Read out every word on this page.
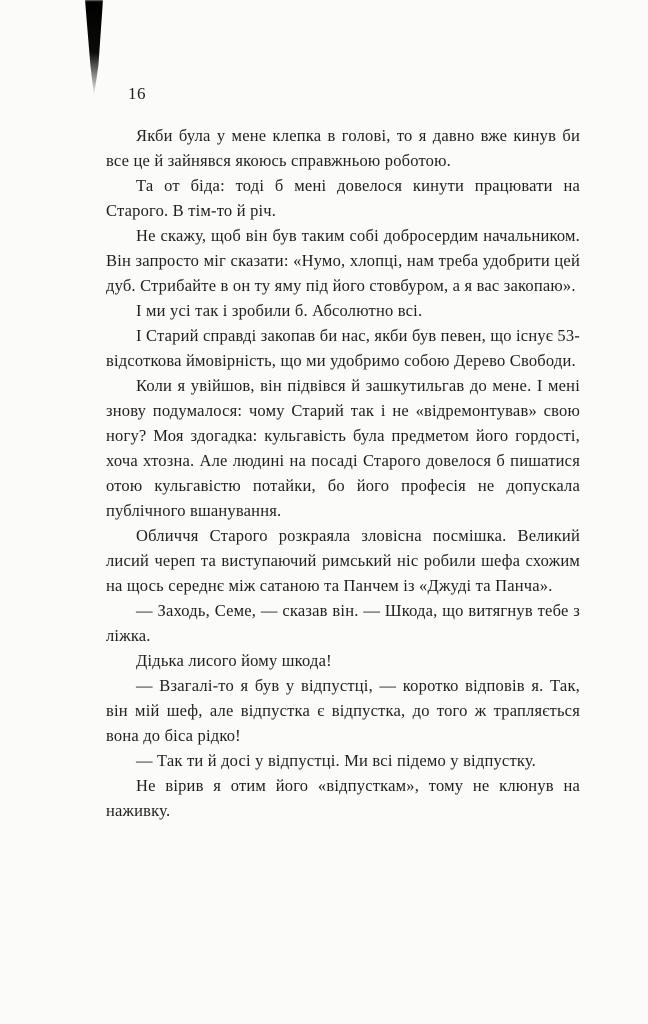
16

Якби була у мене клепка в голові, то я давно вже кинув би все це й зайнявся якоюсь справжньою роботою.

Та от біда: тоді б мені довелося кинути працювати на Старого. В тім-то й річ.

Не скажу, щоб він був таким собі добросердим начальником. Він запросто міг сказати: «Нумо, хлопці, нам треба удобрити цей дуб. Стрибайте в он ту яму під його стовбуром, а я вас закопаю».

І ми усі так і зробили б. Абсолютно всі.

І Старий справді закопав би нас, якби був певен, що існує 53-відсоткова ймовірність, що ми удобримо собою Дерево Свободи.

Коли я увійшов, він підвівся й зашкутильгав до мене. І мені знову подумалося: чому Старий так і не «відремонтував» свою ногу? Моя здогадка: кульгавість була предметом його гордості, хоча хтозна. Але людині на посаді Старого довелося б пишатися отою кульгавістю потайки, бо його професія не допускала публічного вшанування.

Обличчя Старого розкраяла зловісна посмішка. Великий лисий череп та виступаючий римський ніс робили шефа схожим на щось середнє між сатаною та Панчем із «Джуді та Панча».

— Заходь, Семе, — сказав він. — Шкода, що витягнув тебе з ліжка.

Дідька лисого йому шкода!

— Взагалі-то я був у відпустці, — коротко відповів я. Так, він мій шеф, але відпустка є відпустка, до того ж трапляється вона до біса рідко!

— Так ти й досі у відпустці. Ми всі підемо у відпустку.

Не вірив я отим його «відпусткам», тому не клюнув на наживку.
